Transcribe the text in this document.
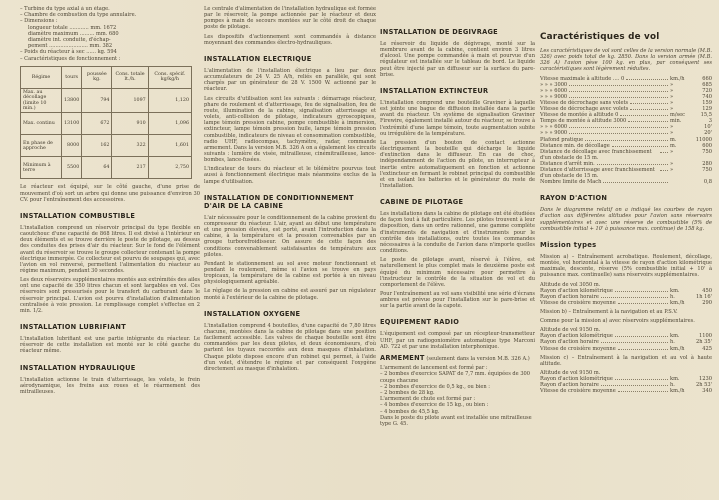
– Turbine du type axial à un étage.
– Chambre de combustion du type annulaire.
– Dimensions :
longueur totale ............ mm. 1672
diamètre maximum ......... mm. 680
diamètre int. conduite, d'échap-
pement ........................ mm. 382
– Poids du réacteur à sec ...... kg. 594
– Caractéristiques de fonctionnement :
Régime	tours	poussée kg.	Cons. totale lt./h.	Cons. spécif. kg/kg/h
Max. au décollage (limite 10 min.)	13800	794	1097	1,120
Max. continu	13100	672	910	1,096
En phase de approche	8000	162	322	1,601
Minimum à terre	5500	64	217	2,750

Le réacteur est équipé, sur le côté gauche, d'une prise de mouvement d'où sort un arbre qui donne une puissance d'environ 30 CV. pour l'entraînement des accessoires.

INSTALLATION COMBUSTIBLE

L'installation comprend un réservoir principal du type flexible en caoutchouc d'une capacité de 868 litres. Il est divisé à l'intérieur en deux éléments et se trouve derrière le poste de pilotage, au dessus des conduites des prises d'air du réacteur. Sur le fond de l'élément avant du réservoir se trouve le groupe collecteur contenant la pompe électrique immergée. Ce collecteur est pourvu de soupapes qui, avec l'avion en vol renversé, permettent l'alimentation du réacteur au régime maximum, pendant 30 secondes.

Les deux réservoirs supplémentaires montés aux extrémités des ailes ont une capacité de 350 litres chacun et sont largables en vol. Ces réservoirs sont pressurisés pour le transfert du carburant dans le réservoir principal. L'avion est pourvu d'installation d'alimentation centralisée à voie pression. Le remplissage complet s'effectue en 2 min. 1/2.

INSTALLATION LUBRIFIANT

L'installation lubrifiant est une partie intégrante du réacteur. Le réservoir de cette installation est monté sur le côté gauche du réacteur même.

INSTALLATION HYDRAULIQUE

L'installation actionne le train d'atterrissage, les volets, le frein aérodynamique, les freins aux roues et le réarmement des mitrailleuses.

Le centrale d'alimentation de l'installation hydraulique est formée par le réservoir, la pompe actionnée par le réacteur et deux pompes à main de secours montées sur le côté droit de chaque poste de pilotage.

Les dispositifs d'actionnement sont commandés à distance moyennant des commandes électro-hydrauliques.

INSTALLATION ELECTRIQUE

L'alimentation de l'installation électrique a lieu par deux accumulateurs de 24 V. 25 A/h, reliés en parallèle, qui sont chargés par un générateur de 28 V. 1500 W. actionné par le réacteur.

Les circuits d'utilisation sont les suivants : démarrage réacteur, phare de roulement et d'atterrissage, feu de signalisation, feu de route, illumination de la cabine, signalisation atterrissage et volets, anti-collision de pilotage, indicateurs gyroscopiques, lampe témoin pression cabine, pompe combustible à immersion, extincteur, lampe témoin pression huile, lampe témoin pression combustible, indicateurs de niveau et consommation combustible, radio UHF, radiocompas, tachymètre, radar, commande armement. Dans la version M.B. 326 A on a également les circuits suivants : lumière de visée, mitrailleuse, cinémitrailleuse, lance-bombes, lance-fusées.

L'indicateur de tours du réacteur et le télémètre pourvus tout aussi à fonctionnement électrique mais néanmoins exclus de la lampe d'utilisation.

INSTALLATION DE CONDITIONNEMENT D'AIR DE LA CABINE

L'air nécessaire pour le conditionnement de la cabine provient du compresseur du réacteur. L'air, ayant au début une température et une pression élevées, est porté, avant l'introduction dans la cabine, à la température et la pression convenables par un groupe turborefroidisseur. On assure de cette façon des conditions convenablement satisfaisantes de température aux pilotes.

Pendant le stationnement au sol avec moteur fonctionnant et pendant le roulement, même si l'avion se trouve en pays tropicaux, la température de la cabine est portée à un niveau physiologiquement agréable.

Le réglage de la pression en cabine est assuré par un régulateur monté à l'extérieur de la cabine de pilotage.

INSTALLATION OXYGENE

L'installation comprend 4 bouteilles, d'une capacité de 7,80 litres chacune, montées dans la cabine de pilotage dans une position facilement accessible. Les valves de chaque bouteille sont être commandées par les deux pilotes, et deux économiseurs, d'où partent les tuyaux raccordés aux deux masques d'inhalation. Chaque pilote dispose encore d'un robinet qui permet, à l'aide d'un volet, d'étendre le régime et par conséquent l'oxygène directement au masque d'inhalation.

INSTALLATION DE DEGIVRAGE

Le réservoir du liquide de dégivrage, monté sur la membrure avant de la cabine, contient environ 3 litres d'alcool. Une pompe commandée à main et pourvue d'un régulateur est installée sur le tableau de bord. Le liquide peut être injecté par un diffuseur sur la surface du pare-brise.

INSTALLATION EXTINCTEUR

L'installation comprend une bouteille Graviner à laquelle est jointe une bague de diffusion installée dans la partie avant du réacteur. Un système de signalisation Graviner Firewire, également installé autour du réacteur, se trouve à l'extrémité d'une lampe témoin, toute augmentation subite ou irrégulière de la température.

La pression d'un bouton de contact actionne électriquement la bouteille qui décharge le liquide d'extinction dans le diffuseur. En cas de choc, indépendamment de l'action du pilote, un interrupteur à inertie entre automatiquement en fonction et actionne l'extincteur en fermant le robinet principal du combustible et en isolant les batteries et le générateur du reste de l'installation.

CABINE DE PILOTAGE

Les installations dans la cabine de pilotage ont été étudiées de façon tout à fait particulière. Les pilotes trouvent à leur disposition, dans un ordre rationnel, une gamme complète d'instruments de navigation et d'instruments pour le contrôle des installations, outre toutes les commandes nécessaires à la conduite de l'avion dans n'importe quelles conditions.

Le poste de pilotage avant, réservé à l'élève, est naturellement le plus complet mais le deuxième poste est équipé du minimum nécessaire pour permettre à l'instructeur le contrôle de la situation de vol et du comportement de l'élève.

Pour l'entraînement au vol sans visibilité une série d'écrans ambres est prévue pour l'installation sur le pare-brise et sur la partie avant de la capote.

EQUIPEMENT RADIO

L'équipement est composé par un récepteur-transmetteur UHF, par un radiogoniomètre automatique type Marconi AD. 722 et par une installation interphonique.

ARMEMENT (seulement dans la version M.B. 326 A.)
L'armement de lancement est formé par :
– 2 bombes d'exercice SAPAT de 7,7 mm. équipées de 300 coups chacune
– 2 bombes d'exercice de 0,5 kg., ou bien :
– 2 bombes de 28 kg.
L'armement de chute est formé par :
– 4 bombes d'exercice de 15 kg., ou bien :
– 4 bombes de 45,5 kg.
Dans le poste du pilote avant est installée une mitrailleuse type G. 45.
Caractéristiques de vol

Les caractéristiques de vol sont celles de la version normale (M.B. 326) avec poids total de kg. 2850. Dans la version armée (M.B. 326 A) l'avion pèse 100 kg. en plus, par conséquent ses caractéristiques sont légèrement réduites.

Vitesse maximale à altitude .... 0	km./h	660
» » » 3000	»	685
» » » 6000	»	720
» » » 9000	»	740
Vitesse de décrochage sans volets	»	159
Vitesse de décrochage avec volets	»	129
Vitesse de montée à altitude 0	m/sec	15,5
Temps de montée à altitude 3000	min.	3
» » » 6000	»	10'
» » » 9000	»	20'
Plafond pratique	m.	11000
Distance min. de décollage	m.	600
Distance de décollage avec franchissement d'un obstacle de 15 m.
»	750
Distance d'arrêt min.	»	280
Distance d'atterrissage avec franchissement d'un obstacle de 15 m.
»	750
Nombre limite de Mach	0,8
RAYON D'ACTION

Dans le diagramme relatif on a indiqué les courbes de rayon d'action aux différentes altitudes pour l'avion sans réservoirs supplémentaires et avec une réserve de combustible (5% de combustible initial + 10' à puissance max. continue) de 158 kg.

Mission types

Mission a) – Entraînement acrobatique. Roulement, décollage, montée, vol horizontal à la vitesse de rayon d'action kilométrique maximale, descente, réserve (5% combustible initial + 10' à puissance max. continuelle) sans réservoirs supplémentaires.

Altitude de vol 3050 m.
Rayon d'action kilométrique	km.	450
Rayon d'action horaire	h.	1h 16'
Vitesse de croisière moyenne	km./h	290

Mission b) – Entraînement à la navigation et au P.S.V.

Comme pour la mission a) avec réservoirs supplémentaires.

Altitude de vol 9150 m.
Rayon d'action kilométrique	km.	1100
Rayon d'action horaire	h.	2h 35'
Vitesse de croisière moyenne	km./h	425

Mission c) – Entraînement à la navigation et au vol à haute altitude.

Altitude de vol 9150 m.
Rayon d'action kilométrique	km.	1230
Rayon d'action horaire	h.	2h 53'
Vitesse de croisière moyenne	km./h	340
